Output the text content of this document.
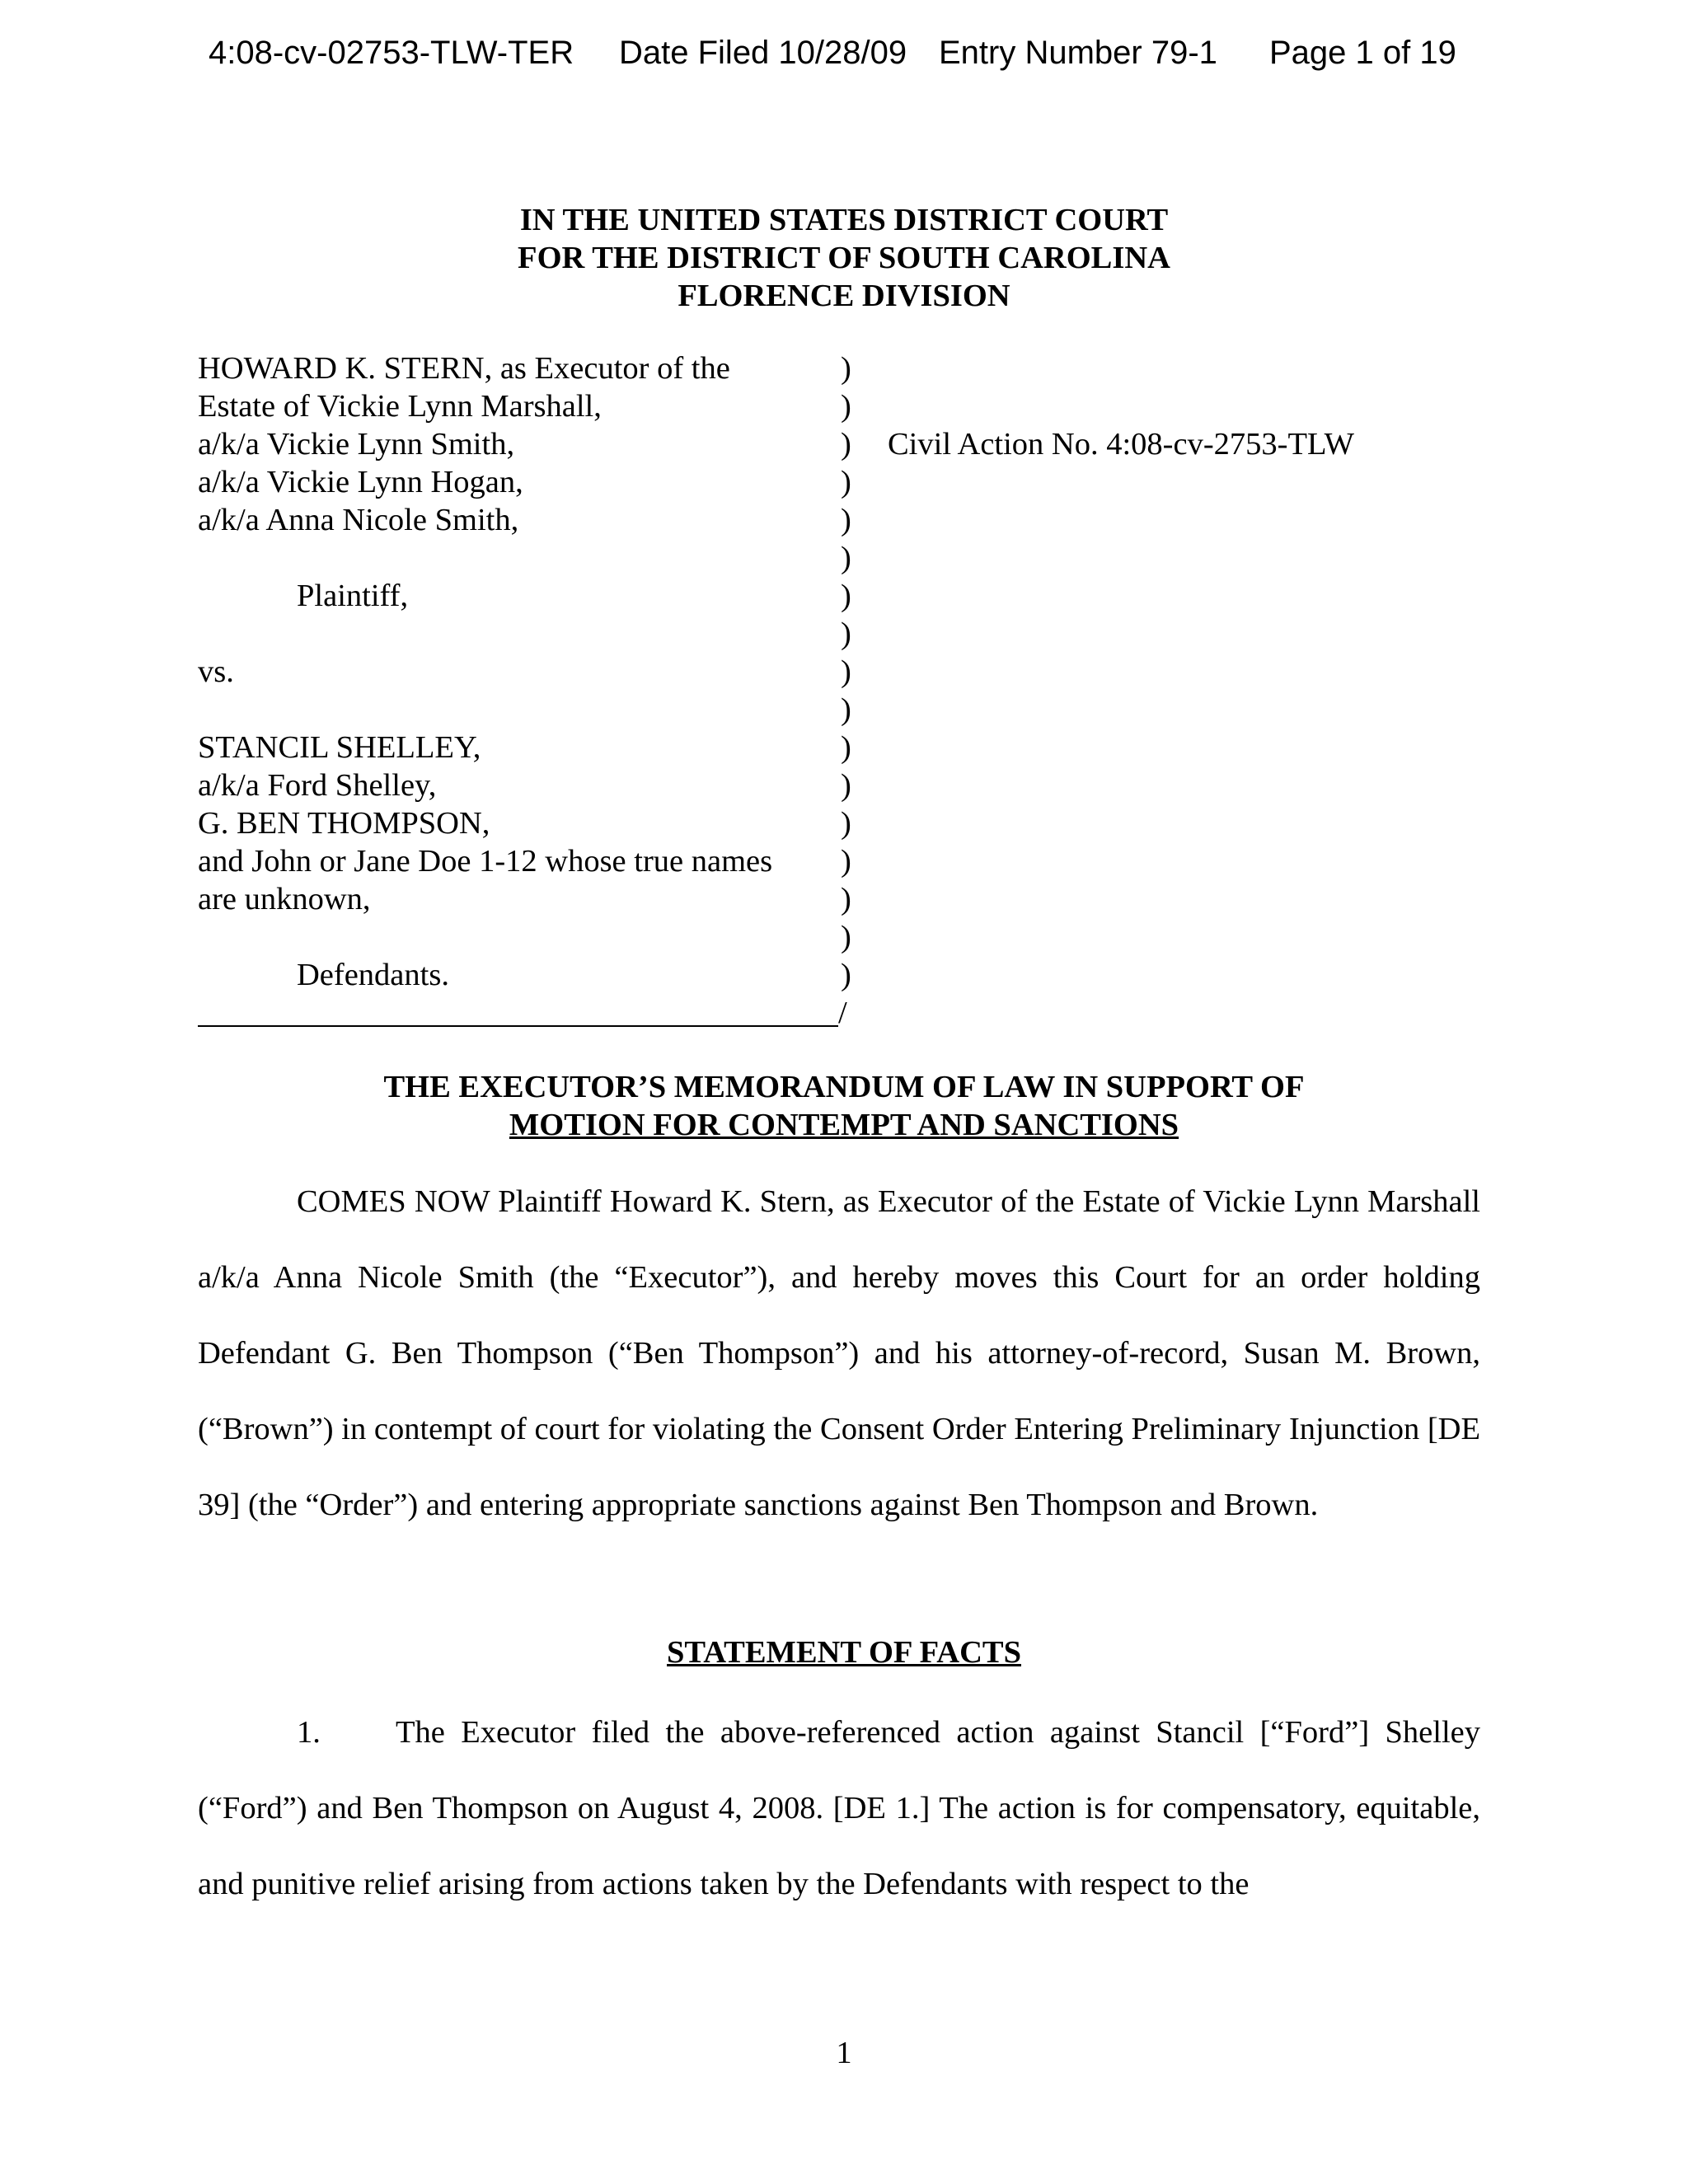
4:08-cv-02753-TLW-TER Date Filed 10/28/09 Entry Number 79-1 Page 1 of 19
IN THE UNITED STATES DISTRICT COURT
FOR THE DISTRICT OF SOUTH CAROLINA
FLORENCE DIVISION
HOWARD K. STERN, as Executor of the
Estate of Vickie Lynn Marshall,
a/k/a Vickie Lynn Smith,
a/k/a Vickie Lynn Hogan,
a/k/a Anna Nicole Smith,
Plaintiff,
vs.
STANCIL SHELLEY,
a/k/a Ford Shelley,
G. BEN THOMPSON,
and John or Jane Doe 1-12 whose true names
are unknown,
Defendants.
)
)
)
)
)
)
)
)
)
)
)
)
)
)
)
)
)
Civil Action No. 4:08-cv-2753-TLW
/
THE EXECUTOR’S MEMORANDUM OF LAW IN SUPPORT OF
MOTION FOR CONTEMPT AND SANCTIONS
COMES NOW Plaintiff Howard K. Stern, as Executor of the Estate of Vickie Lynn Marshall a/k/a Anna Nicole Smith (the “Executor”), and hereby moves this Court for an order holding Defendant G. Ben Thompson (“Ben Thompson”) and his attorney-of-record, Susan M. Brown, (“Brown”) in contempt of court for violating the Consent Order Entering Preliminary Injunction [DE 39] (the “Order”) and entering appropriate sanctions against Ben Thompson and Brown.
STATEMENT OF FACTS
1. The Executor filed the above-referenced action against Stancil [“Ford”] Shelley (“Ford”) and Ben Thompson on August 4, 2008. [DE 1.] The action is for compensatory, equitable, and punitive relief arising from actions taken by the Defendants with respect to the
1
